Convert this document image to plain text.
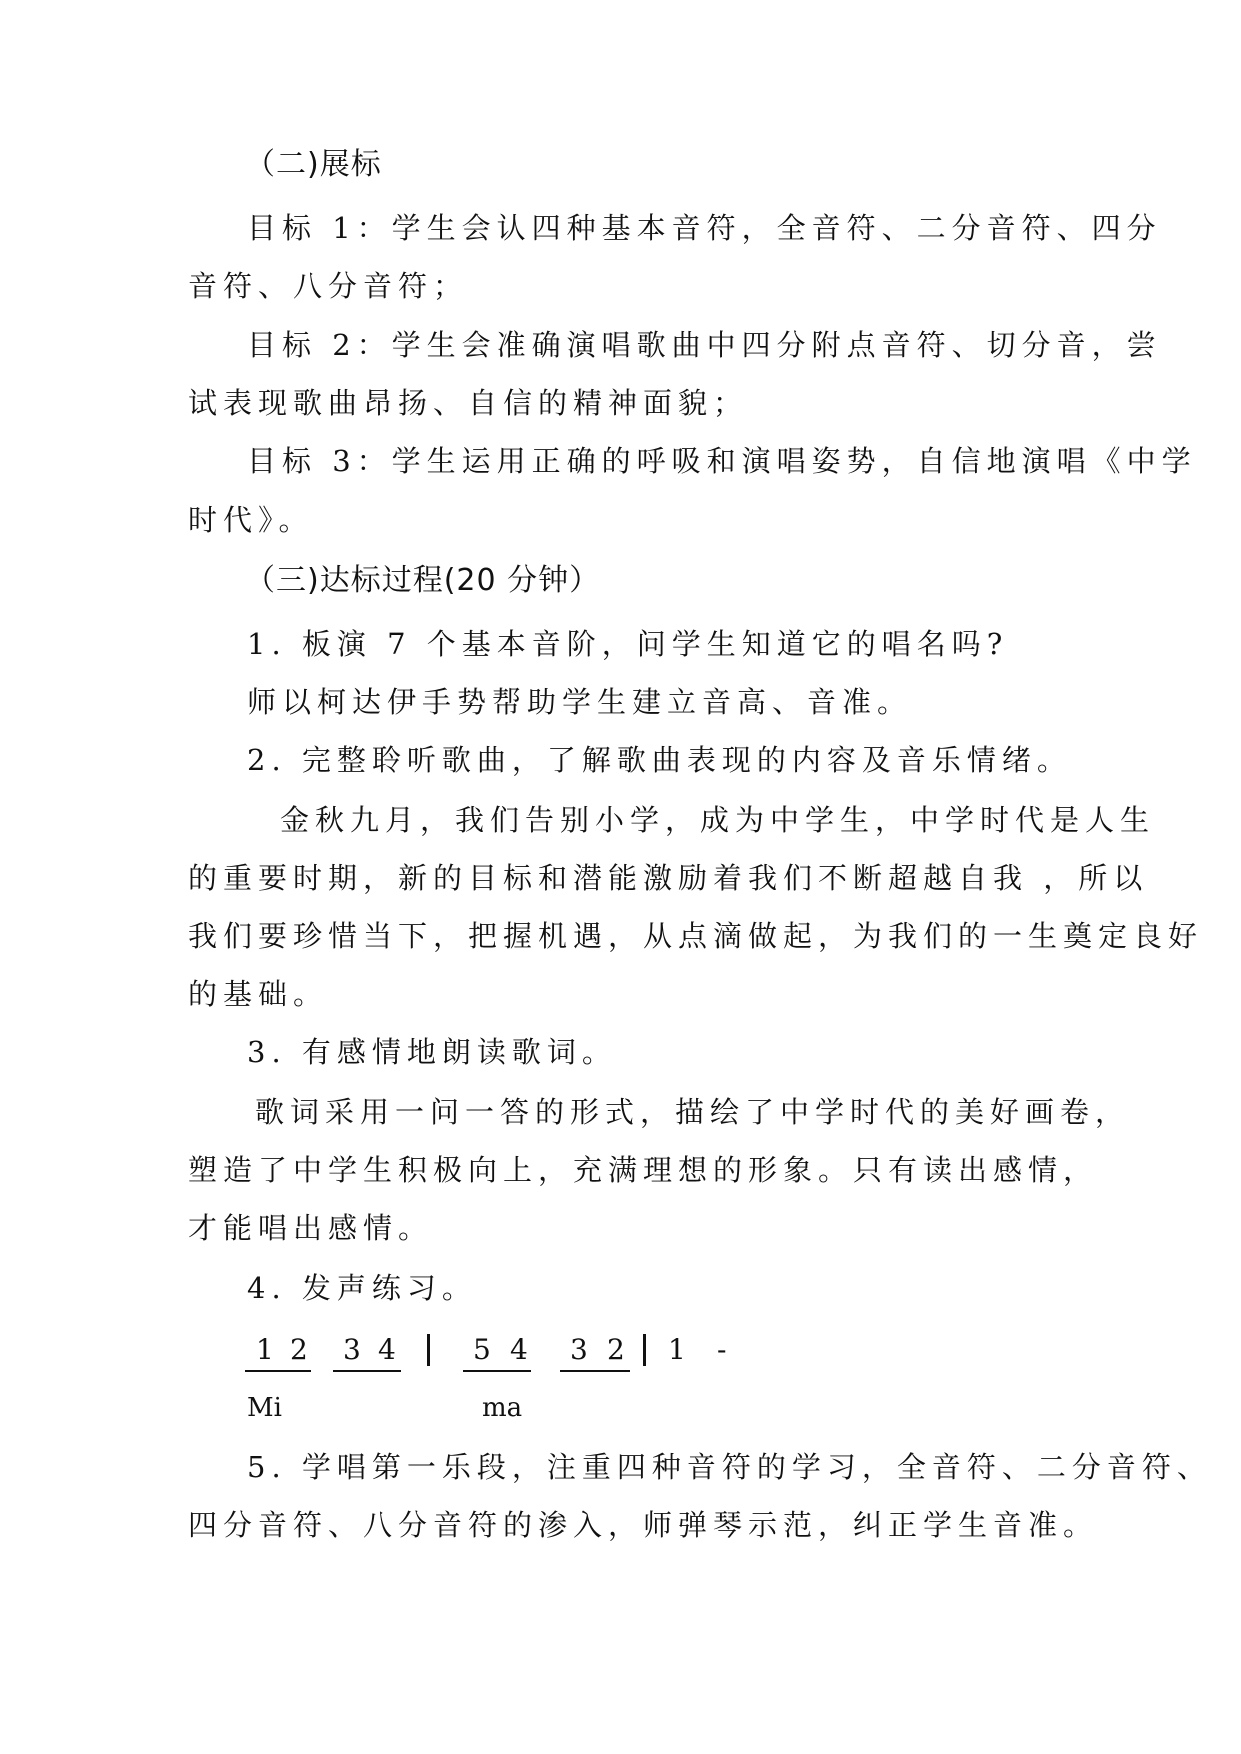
（二)展标
目标 1：学生会认四种基本音符，全音符、二分音符、四分
音符、八分音符；
目标 2：学生会准确演唱歌曲中四分附点音符、切分音，尝
试表现歌曲昂扬、自信的精神面貌；
目标 3：学生运用正确的呼吸和演唱姿势，自信地演唱《中学
时代》。
（三)达标过程(20 分钟）
1. 板演 7 个基本音阶，问学生知道它的唱名吗?
师以柯达伊手势帮助学生建立音高、音准。
2. 完整聆听歌曲，了解歌曲表现的内容及音乐情绪。
金秋九月，我们告别小学，成为中学生，中学时代是人生
的重要时期，新的目标和潜能激励着我们不断超越自我 ，所以
我们要珍惜当下，把握机遇，从点滴做起，为我们的一生奠定良好
的基础。
3. 有感情地朗读歌词。
歌词采用一问一答的形式，描绘了中学时代的美好画卷，
塑造了中学生积极向上，充满理想的形象。只有读出感情，
才能唱出感情。
4. 发声练习。
1 2 3 4	5 4 3 2 1 -
Mi	ma
5. 学唱第一乐段，注重四种音符的学习，全音符、二分音符、
四分音符、八分音符的渗入，师弹琴示范，纠正学生音准。
